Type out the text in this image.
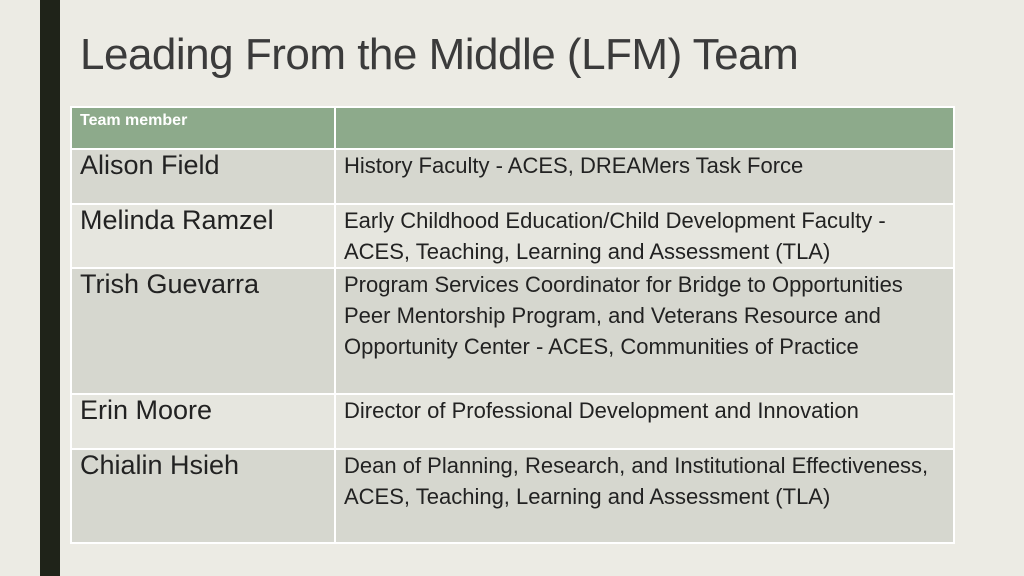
Leading From the Middle (LFM) Team
Team member	
Alison Field	History Faculty - ACES, DREAMers Task Force
Melinda Ramzel	Early Childhood Education/Child Development Faculty - ACES, Teaching, Learning and Assessment (TLA)
Trish Guevarra	Program Services Coordinator for Bridge to Opportunities Peer Mentorship Program, and Veterans Resource and Opportunity Center - ACES, Communities of Practice
Erin Moore	Director of Professional Development and Innovation
Chialin Hsieh	Dean of Planning, Research, and Institutional Effectiveness, ACES, Teaching, Learning and Assessment (TLA)
